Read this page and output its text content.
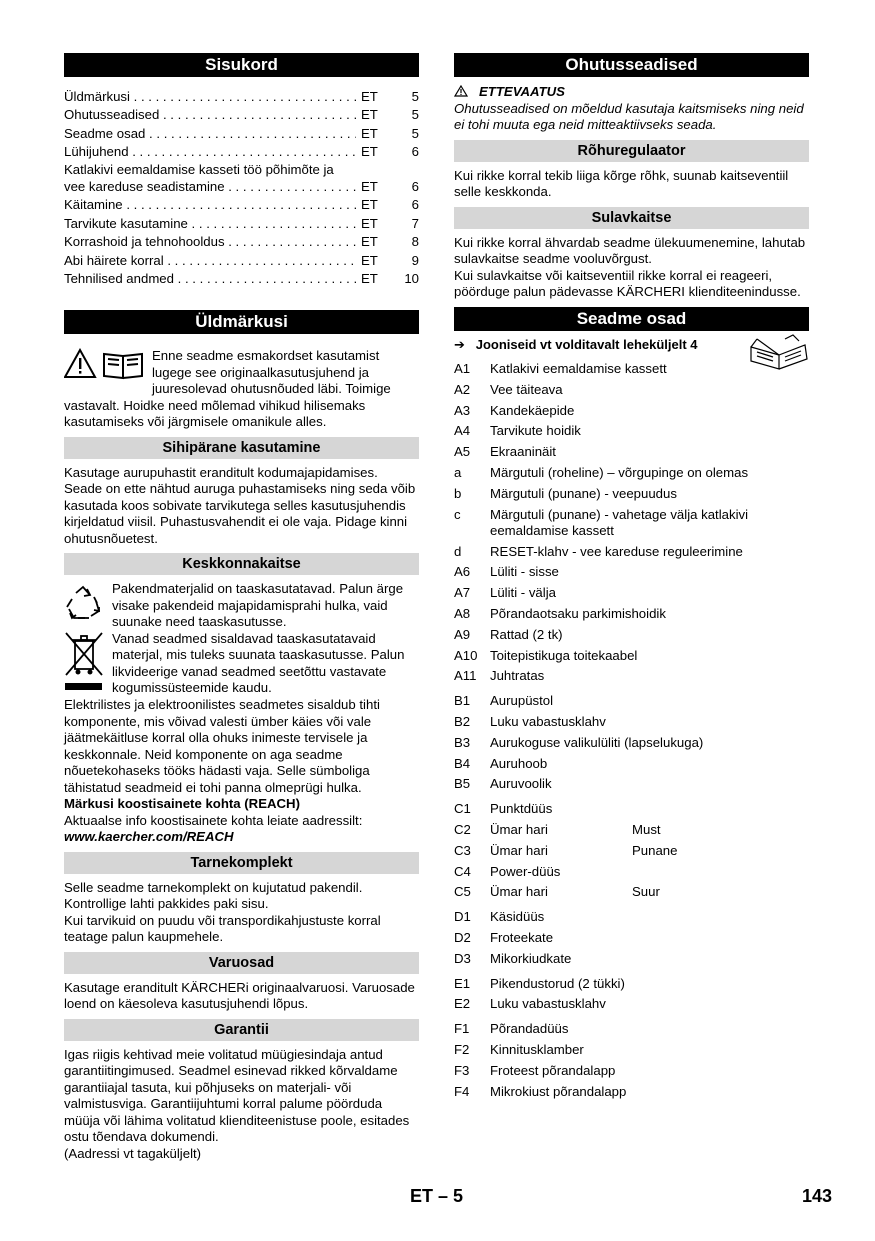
Sisukord
Üldmärkusi . . .	ET	5
Ohutusseadised . . .	ET	5
Seadme osad . . .	ET	5
Lühijuhend . . .	ET	6
Katlakivi eemaldamise kasseti töö põhimõte ja
vee kareduse seadistamine . . .	ET	6
Käitamine . . .	ET	6
Tarvikute kasutamine . . .	ET	7
Korrashoid ja tehnohooldus . . .	ET	8
Abi häirete korral . . .	ET	9
Tehnilised andmed . . .	ET	10
Üldmärkusi

Enne seadme esmakordset kasutamist lugege see originaalkasutusjuhend ja juuresolevad ohutusnõuded läbi. Toimige vastavalt. Hoidke need mõlemad vihikud hilisemaks kasutamiseks või järgmisele omanikule alles.

Sihipärane kasutamine

Kasutage aurupuhastit eranditult kodumajapidamises. Seade on ette nähtud auruga puhastamiseks ning seda võib kasutada koos sobivate tarvikutega selles kasutusjuhendis kirjeldatud viisil. Puhastusvahendit ei ole vaja. Pidage kinni ohutusnõuetest.

Keskkonnakaitse

Pakendmaterjalid on taaskasutatavad. Palun ärge visake pakendeid majapidamisprahi hulka, vaid suunake need taaskasutusse.

Vanad seadmed sisaldavad taaskasutatavaid materjal, mis tuleks suunata taaskasutusse. Palun likvideerige vanad seadmed seetõttu vastavate kogumissüsteemide kaudu.

Elektrilistes ja elektroonilistes seadmetes sisaldub tihti komponente, mis võivad valesti ümber käies või vale jäätmekäitluse korral olla ohuks inimeste tervisele ja keskkonnale. Neid komponente on aga seadme nõuetekohaseks tööks hädasti vaja. Selle sümboliga tähistatud seadmeid ei tohi panna olmeprügi hulka.

Märkusi koostisainete kohta (REACH)

Aktuaalse info koostisainete kohta leiate aadressilt:

www.kaercher.com/REACH

Tarnekomplekt

Selle seadme tarnekomplekt on kujutatud pakendil. Kontrollige lahti pakkides paki sisu.

Kui tarvikuid on puudu või transpordikahjustuste korral teatage palun kaupmehele.

Varuosad

Kasutage eranditult KÄRCHERi originaalvaruosi. Varuosade loend on käesoleva kasutusjuhendi lõpus.

Garantii

Igas riigis kehtivad meie volitatud müügiesindaja antud garantiitingimused. Seadmel esinevad rikked kõrvaldame garantiiajal tasuta, kui põhjuseks on materjali- või valmistusviga. Garantiijuhtumi korral palume pöörduda müüja või lähima volitatud klienditeenistuse poole, esitades ostu tõendava dokumendi.

(Aadressi vt tagaküljelt)

Ohutusseadised

ETTEVAATUS

Ohutusseadised on mõeldud kasutaja kaitsmiseks ning neid ei tohi muuta ega neid mitteaktiivseks seada.

Rõhuregulaator

Kui rikke korral tekib liiga kõrge rõhk, suunab kaitseventiil selle keskkonda.

Sulavkaitse

Kui rikke korral ähvardab seadme ülekuumenemine, lahutab sulavkaitse seadme vooluvõrgust.

Kui sulavkaitse või kaitseventiil rikke korral ei reageeri, pöörduge palun pädevasse KÄRCHERI klienditeenindusse.

Seadme osad

➔ Jooniseid vt volditavalt leheküljelt 4

A1	Katlakivi eemaldamise kassett
A2	Vee täiteava
A3	Kandekäepide
A4	Tarvikute hoidik
A5	Ekraaninäit
a	Märgutuli (roheline) – võrgupinge on olemas
b	Märgutuli (punane) - veepuudus
c	Märgutuli (punane) - vahetage välja katlakivi eemaldamise kassett
d	RESET-klahv - vee kareduse reguleerimine
A6	Lüliti - sisse
A7	Lüliti - välja
A8	Põrandaotsaku parkimishoidik
A9	Rattad (2 tk)
A10 Toitepistikuga toitekaabel
A11	Juhtratas
B1	Aurupüstol
B2	Luku vabastusklahv
B3	Aurukoguse valikulüliti (lapselukuga)
B4	Auruhoob
B5	Auruvoolik
C1	Punktdüüs
C2	Ümar hari	Must
C3	Ümar hari	Punane
C4	Power-düüs
C5	Ümar hari	Suur
D1	Käsidüüs
D2	Froteekate
D3	Mikorkiudkate
E1	Pikendustorud (2 tükki)
E2	Luku vabastusklahv
F1	Põrandadüüs
F2	Kinnitusklamber
F3	Froteest põrandalapp
F4	Mikrokiust põrandalapp
ET – 5	143
